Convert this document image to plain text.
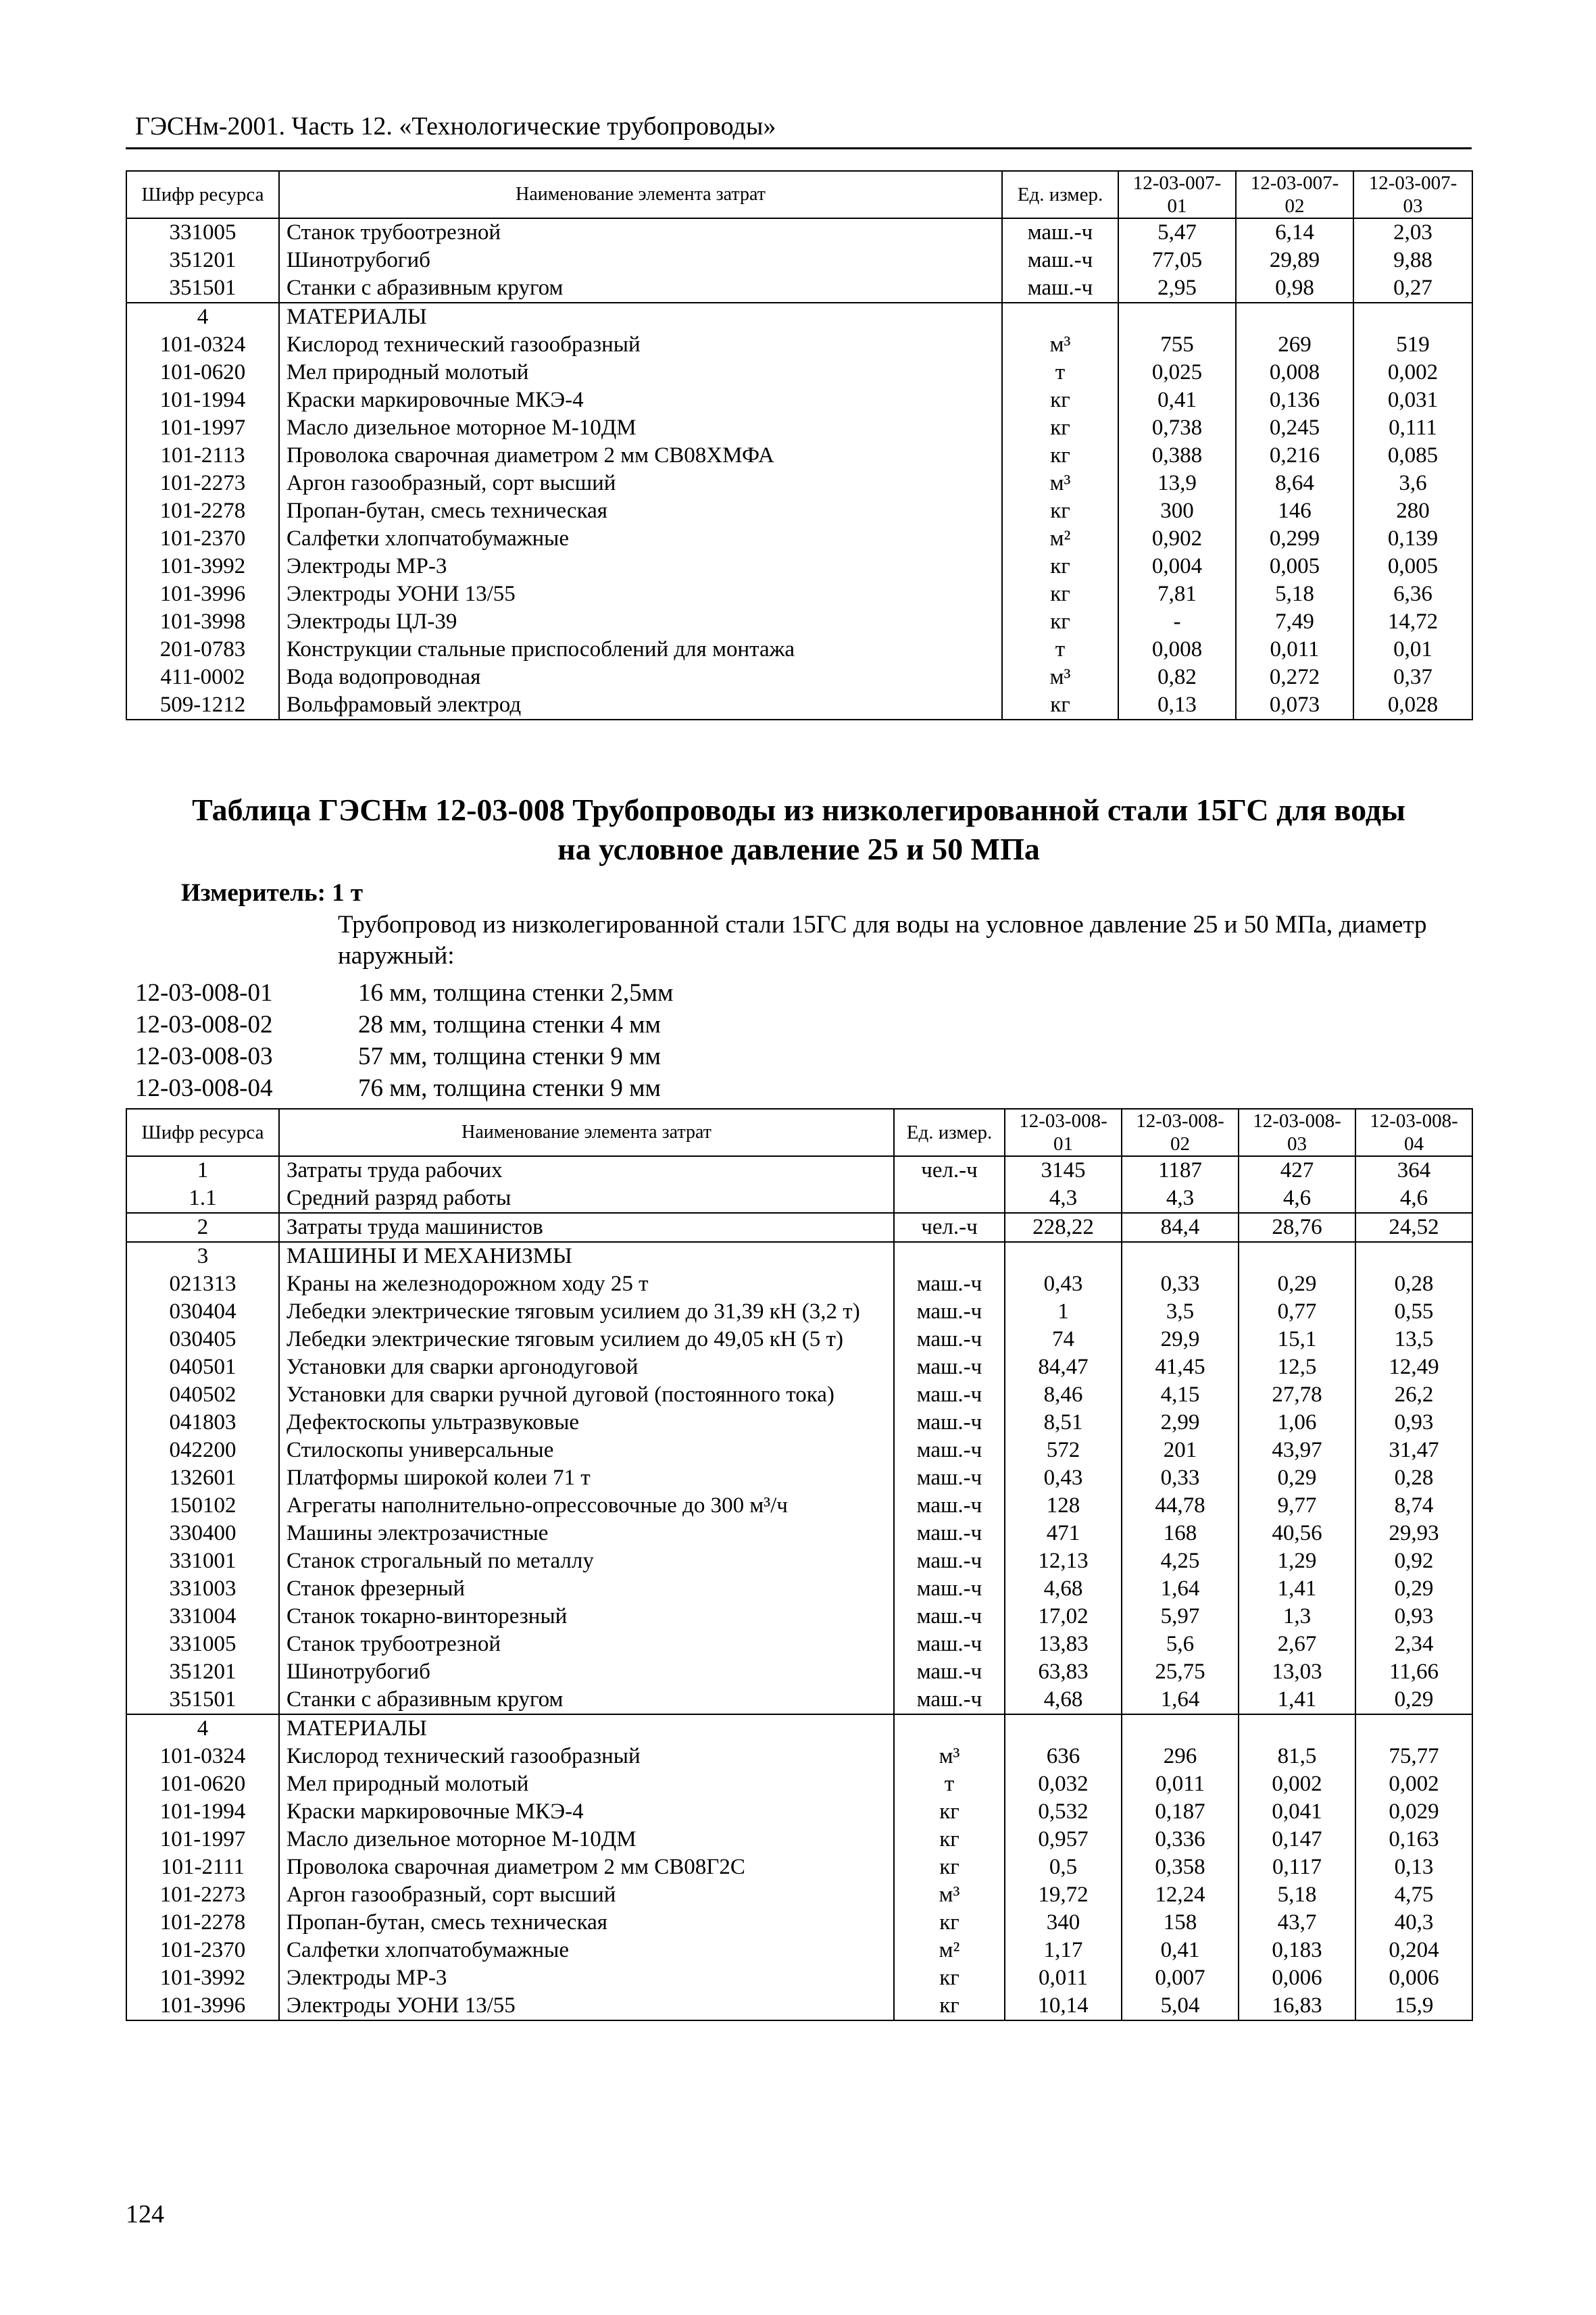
ГЭСНм-2001. Часть 12. «Технологические трубопроводы»
Шифр ресурса	Наименование элемента затрат	Ед. измер.	12-03-007-01	12-03-007-02	12-03-007-03
331005	Станок трубоотрезной	маш.-ч	5,47	6,14	2,03
351201	Шинотрубогиб	маш.-ч	77,05	29,89	9,88
351501	Станки с абразивным кругом	маш.-ч	2,95	0,98	0,27
4	МАТЕРИАЛЫ				
101-0324	Кислород технический газообразный	м³	755	269	519
101-0620	Мел природный молотый	т	0,025	0,008	0,002
101-1994	Краски маркировочные МКЭ-4	кг	0,41	0,136	0,031
101-1997	Масло дизельное моторное М-10ДМ	кг	0,738	0,245	0,111
101-2113	Проволока сварочная диаметром 2 мм СВ08ХМФА	кг	0,388	0,216	0,085
101-2273	Аргон газообразный, сорт высший	м³	13,9	8,64	3,6
101-2278	Пропан-бутан, смесь техническая	кг	300	146	280
101-2370	Салфетки хлопчатобумажные	м²	0,902	0,299	0,139
101-3992	Электроды МР-3	кг	0,004	0,005	0,005
101-3996	Электроды УОНИ 13/55	кг	7,81	5,18	6,36
101-3998	Электроды ЦЛ-39	кг	-	7,49	14,72
201-0783	Конструкции стальные приспособлений для монтажа	т	0,008	0,011	0,01
411-0002	Вода водопроводная	м³	0,82	0,272	0,37
509-1212	Вольфрамовый электрод	кг	0,13	0,073	0,028
Таблица ГЭСНм 12-03-008 Трубопроводы из низколегированной стали 15ГС для воды
на условное давление 25 и 50 МПа
Измеритель: 1 т
Трубопровод из низколегированной стали 15ГС для воды на условное давление 25 и 50 МПа, диаметр наружный:
12-03-008-01	16 мм, толщина стенки 2,5мм
12-03-008-02	28 мм, толщина стенки 4 мм
12-03-008-03	57 мм, толщина стенки 9 мм
12-03-008-04	76 мм, толщина стенки 9 мм
Шифр ресурса	Наименование элемента затрат	Ед. измер.	12-03-008-01	12-03-008-02	12-03-008-03	12-03-008-04
1	Затраты труда рабочих	чел.-ч	3145	1187	427	364
1.1	Средний разряд работы		4,3	4,3	4,6	4,6
2	Затраты труда машинистов	чел.-ч	228,22	84,4	28,76	24,52
3	МАШИНЫ И МЕХАНИЗМЫ					
021313	Краны на железнодорожном ходу 25 т	маш.-ч	0,43	0,33	0,29	0,28
030404	Лебедки электрические тяговым усилием до 31,39 кН (3,2 т)	маш.-ч	1	3,5	0,77	0,55
030405	Лебедки электрические тяговым усилием до 49,05 кН (5 т)	маш.-ч	74	29,9	15,1	13,5
040501	Установки для сварки аргонодуговой	маш.-ч	84,47	41,45	12,5	12,49
040502	Установки для сварки ручной дуговой (постоянного тока)	маш.-ч	8,46	4,15	27,78	26,2
041803	Дефектоскопы ультразвуковые	маш.-ч	8,51	2,99	1,06	0,93
042200	Стилоскопы универсальные	маш.-ч	572	201	43,97	31,47
132601	Платформы широкой колеи 71 т	маш.-ч	0,43	0,33	0,29	0,28
150102	Агрегаты наполнительно-опрессовочные до 300 м³/ч	маш.-ч	128	44,78	9,77	8,74
330400	Машины электрозачистные	маш.-ч	471	168	40,56	29,93
331001	Станок строгальный по металлу	маш.-ч	12,13	4,25	1,29	0,92
331003	Станок фрезерный	маш.-ч	4,68	1,64	1,41	0,29
331004	Станок токарно-винторезный	маш.-ч	17,02	5,97	1,3	0,93
331005	Станок трубоотрезной	маш.-ч	13,83	5,6	2,67	2,34
351201	Шинотрубогиб	маш.-ч	63,83	25,75	13,03	11,66
351501	Станки с абразивным кругом	маш.-ч	4,68	1,64	1,41	0,29
4	МАТЕРИАЛЫ					
101-0324	Кислород технический газообразный	м³	636	296	81,5	75,77
101-0620	Мел природный молотый	т	0,032	0,011	0,002	0,002
101-1994	Краски маркировочные МКЭ-4	кг	0,532	0,187	0,041	0,029
101-1997	Масло дизельное моторное М-10ДМ	кг	0,957	0,336	0,147	0,163
101-2111	Проволока сварочная диаметром 2 мм СВ08Г2С	кг	0,5	0,358	0,117	0,13
101-2273	Аргон газообразный, сорт высший	м³	19,72	12,24	5,18	4,75
101-2278	Пропан-бутан, смесь техническая	кг	340	158	43,7	40,3
101-2370	Салфетки хлопчатобумажные	м²	1,17	0,41	0,183	0,204
101-3992	Электроды МР-3	кг	0,011	0,007	0,006	0,006
101-3996	Электроды УОНИ 13/55	кг	10,14	5,04	16,83	15,9
124
